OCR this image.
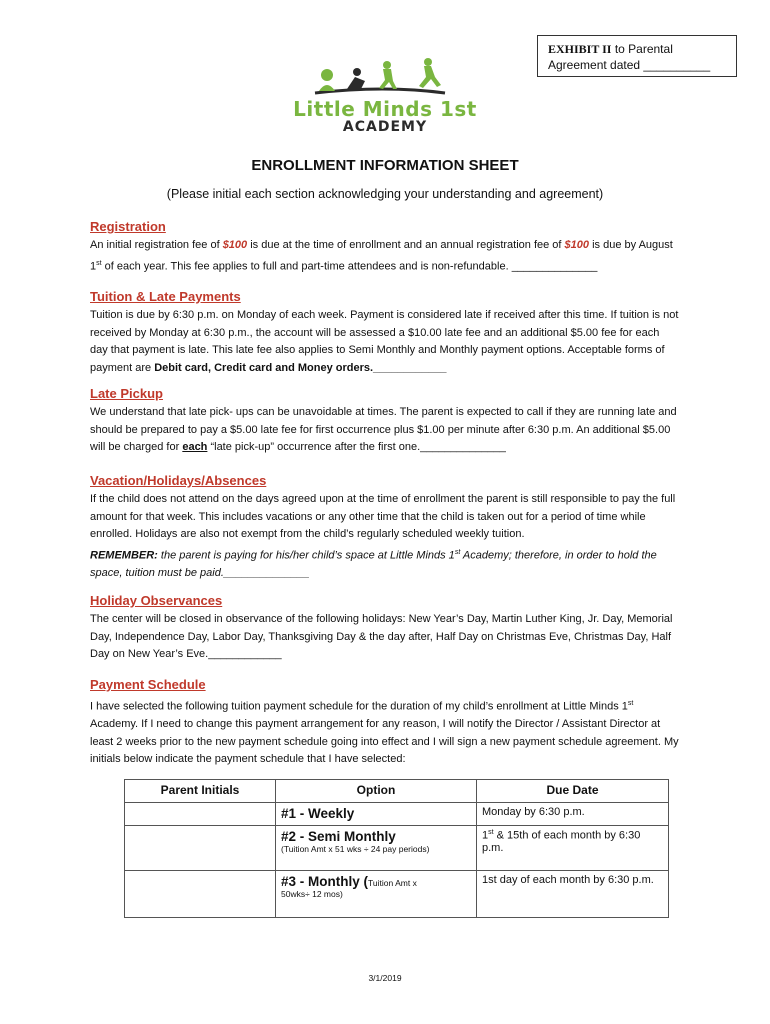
EXHIBIT II to Parental
Agreement dated __________
Little Minds 1st
ACADEMY
ENROLLMENT INFORMATION SHEET
(Please initial each section acknowledging your understanding and agreement)
Registration
An initial registration fee of $100 is due at the time of enrollment and an annual registration fee of $100 is due by August 1st of each year. This fee applies to full and part-time attendees and is non-refundable. ______________
Tuition & Late Payments
Tuition is due by 6:30 p.m. on Monday of each week. Payment is considered late if received after this time. If tuition is not received by Monday at 6:30 p.m., the account will be assessed a $10.00 late fee and an additional $5.00 fee for each day that payment is late. This late fee also applies to Semi Monthly and Monthly payment options. Acceptable forms of payment are Debit card, Credit card and Money orders.____________
Late Pickup
We understand that late pick- ups can be unavoidable at times. The parent is expected to call if they are running late and should be prepared to pay a $5.00 late fee for first occurrence plus $1.00 per minute after 6:30 p.m. An additional $5.00 will be charged for each “late pick-up” occurrence after the first one.______________
Vacation/Holidays/Absences
If the child does not attend on the days agreed upon at the time of enrollment the parent is still responsible to pay the full amount for that week. This includes vacations or any other time that the child is taken out for a period of time while enrolled. Holidays are also not exempt from the child’s regularly scheduled weekly tuition.
REMEMBER: the parent is paying for his/her child’s space at Little Minds 1st Academy; therefore, in order to hold the space, tuition must be paid.______________
Holiday Observances
The center will be closed in observance of the following holidays: New Year’s Day, Martin Luther King, Jr. Day, Memorial Day, Independence Day, Labor Day, Thanksgiving Day & the day after, Half Day on Christmas Eve, Christmas Day, Half Day on New Year’s Eve.____________
Payment Schedule
I have selected the following tuition payment schedule for the duration of my child’s enrollment at Little Minds 1st Academy. If I need to change this payment arrangement for any reason, I will notify the Director / Assistant Director at least 2 weeks prior to the new payment schedule going into effect and I will sign a new payment schedule agreement. My initials below indicate the payment schedule that I have selected:
Parent Initials	Option	Due Date
	#1 - Weekly	Monday by 6:30 p.m.

	#2 - Semi Monthly
(Tuition Amt x 51 wks ÷ 24 pay periods)	1st & 15th of each month by 6:30 p.m.

	#3 - Monthly (Tuition Amt x
50wks÷ 12 mos)	1st day of each month by 6:30 p.m.
3/1/2019
